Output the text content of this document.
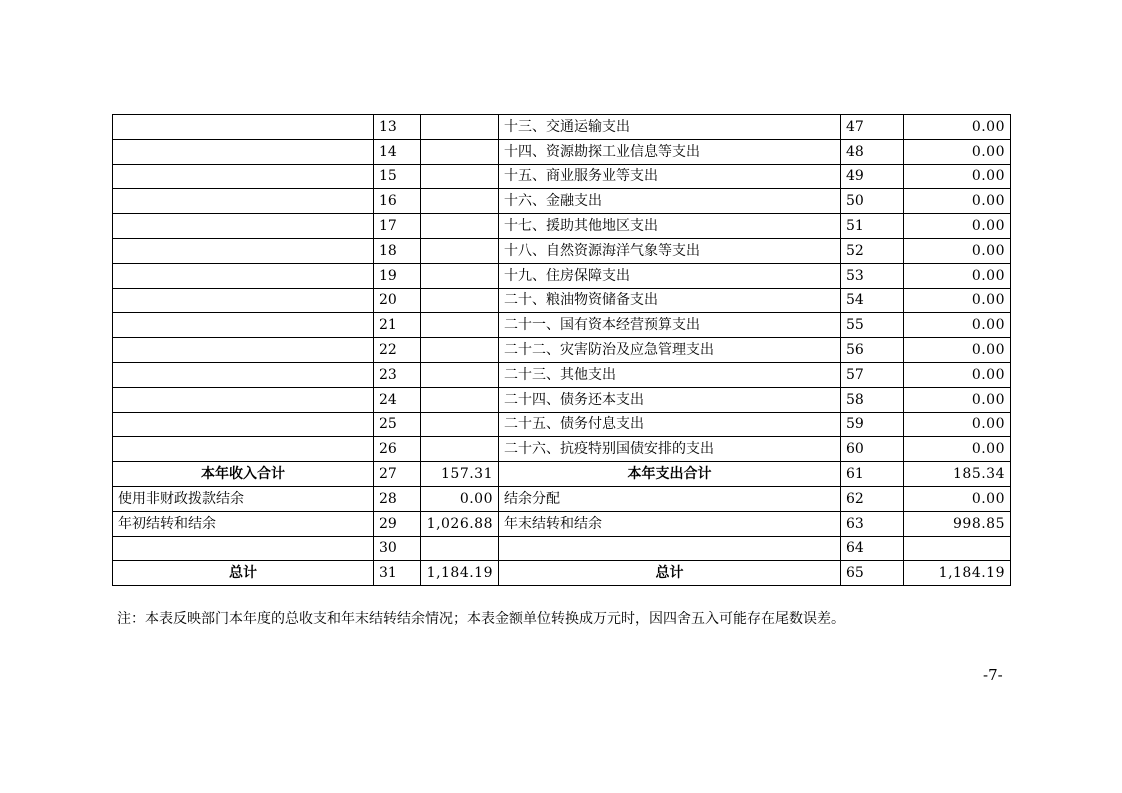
	13		十三、交通运输支出	47	0.00
	14		十四、资源勘探工业信息等支出	48	0.00
	15		十五、商业服务业等支出	49	0.00
	16		十六、金融支出	50	0.00
	17		十七、援助其他地区支出	51	0.00
	18		十八、自然资源海洋气象等支出	52	0.00
	19		十九、住房保障支出	53	0.00
	20		二十、粮油物资储备支出	54	0.00
	21		二十一、国有资本经营预算支出	55	0.00
	22		二十二、灾害防治及应急管理支出	56	0.00
	23		二十三、其他支出	57	0.00
	24		二十四、债务还本支出	58	0.00
	25		二十五、债务付息支出	59	0.00
	26		二十六、抗疫特别国债安排的支出	60	0.00
本年收入合计	27	157.31	本年支出合计	61	185.34
使用非财政拨款结余	28	0.00	结余分配	62	0.00
年初结转和结余	29	1,026.88	年末结转和结余	63	998.85
	30			64	
总计	31	1,184.19	总计	65	1,184.19
注：本表反映部门本年度的总收支和年末结转结余情况；本表金额单位转换成万元时，因四舍五入可能存在尾数误差。
-7-
